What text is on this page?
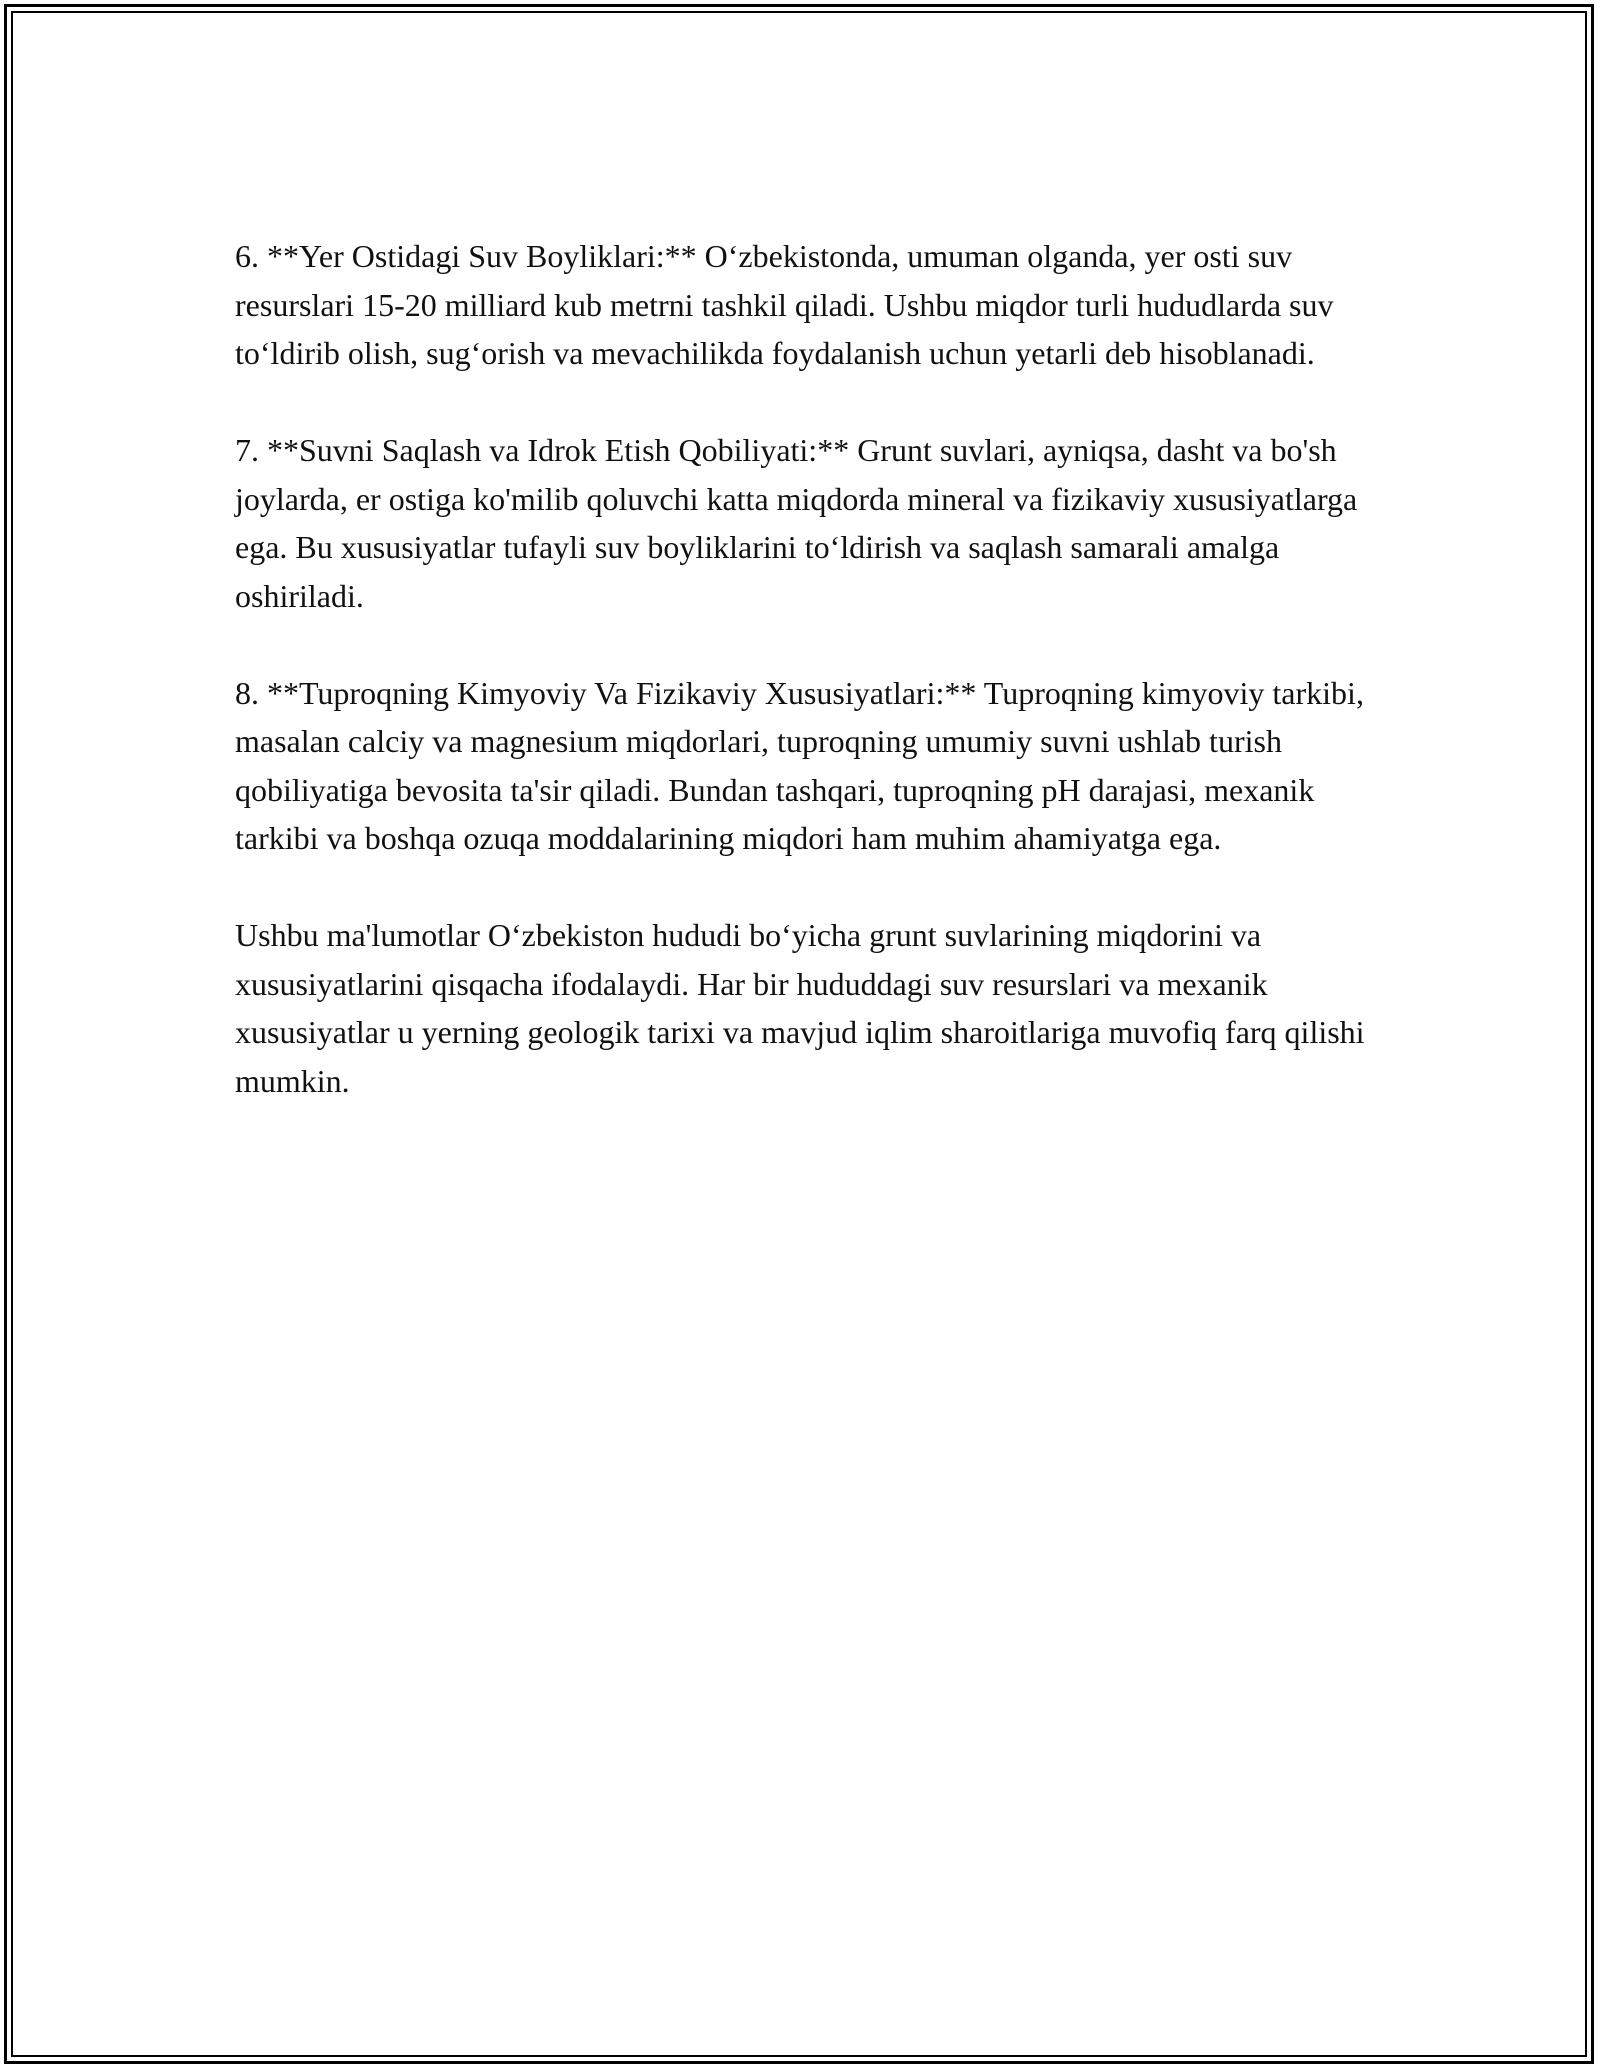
6. **Yer Ostidagi Suv Boyliklari:** O‘zbekistonda, umuman olganda, yer osti suv resurslari 15-20 milliard kub metrni tashkil qiladi. Ushbu miqdor turli hududlarda suv to‘ldirib olish, sug‘orish va mevachilikda foydalanish uchun yetarli deb hisoblanadi.

7. **Suvni Saqlash va Idrok Etish Qobiliyati:** Grunt suvlari, ayniqsa, dasht va bo'sh joylarda, er ostiga ko'milib qoluvchi katta miqdorda mineral va fizikaviy xususiyatlarga ega. Bu xususiyatlar tufayli suv boyliklarini to‘ldirish va saqlash samarali amalga oshiriladi.

8. **Tuproqning Kimyoviy Va Fizikaviy Xususiyatlari:** Tuproqning kimyoviy tarkibi, masalan calciy va magnesium miqdorlari, tuproqning umumiy suvni ushlab turish qobiliyatiga bevosita ta'sir qiladi. Bundan tashqari, tuproqning pH darajasi, mexanik tarkibi va boshqa ozuqa moddalarining miqdori ham muhim ahamiyatga ega.

Ushbu ma'lumotlar O‘zbekiston hududi bo‘yicha grunt suvlarining miqdorini va xususiyatlarini qisqacha ifodalaydi. Har bir hududdagi suv resurslari va mexanik xususiyatlar u yerning geologik tarixi va mavjud iqlim sharoitlariga muvofiq farq qilishi mumkin.
